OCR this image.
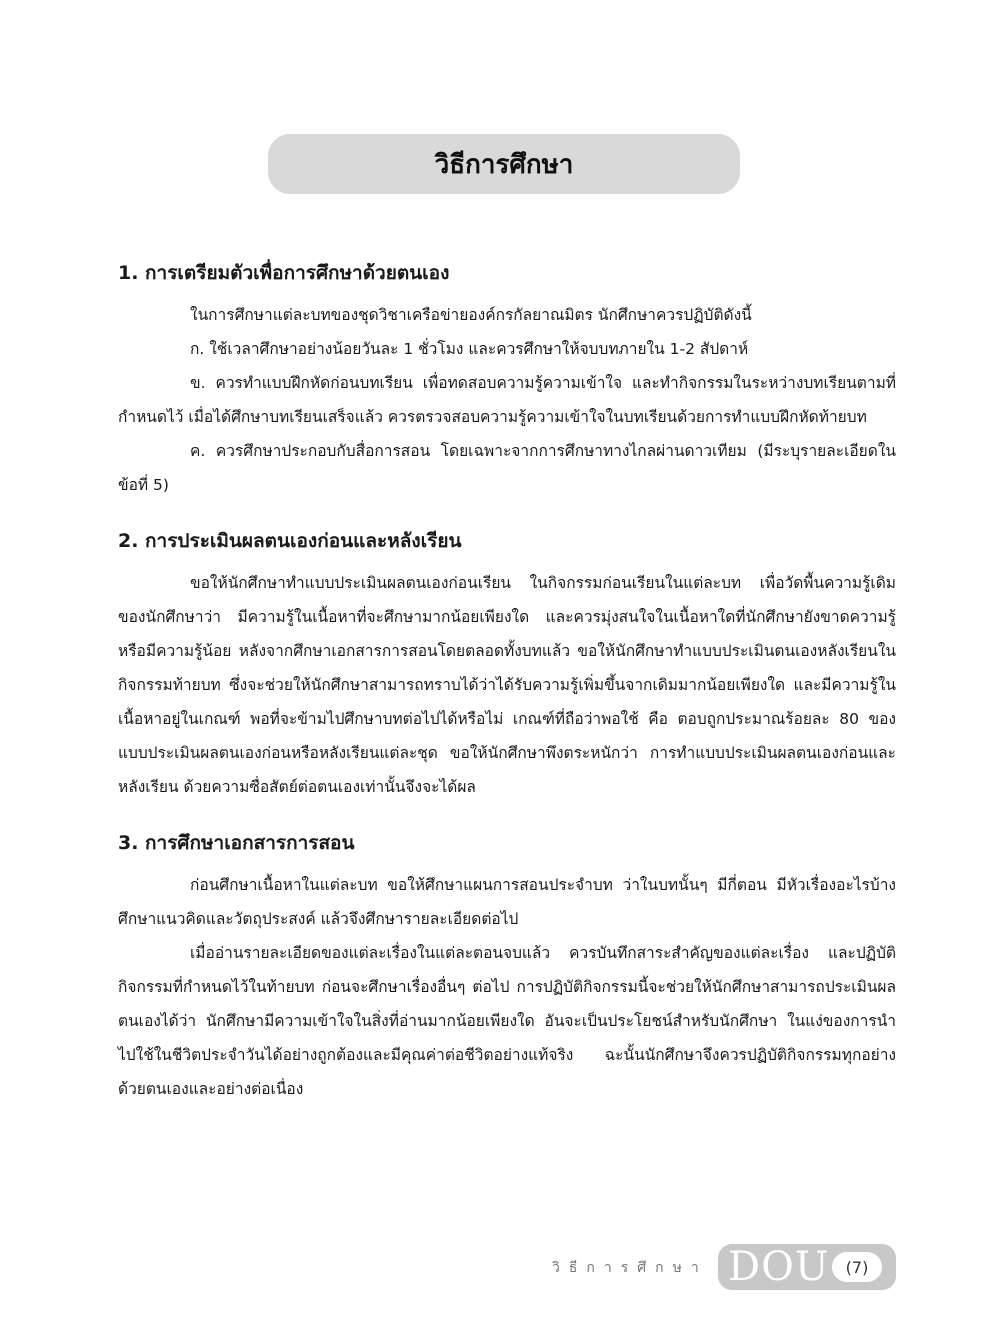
วิธีการศึกษา
1. การเตรียมตัวเพื่อการศึกษาด้วยตนเอง

ในการศึกษาแต่ละบทของชุดวิชาเครือข่ายองค์กรกัลยาณมิตร นักศึกษาควรปฏิบัติดังนี้

ก. ใช้เวลาศึกษาอย่างน้อยวันละ 1 ชั่วโมง และควรศึกษาให้จบบทภายใน 1-2 สัปดาห์

ข. ควรทำแบบฝึกหัดก่อนบทเรียน เพื่อทดสอบความรู้ความเข้าใจ และทำกิจกรรมในระหว่างบทเรียนตามที่กำหนดไว้ เมื่อได้ศึกษาบทเรียนเสร็จแล้ว ควรตรวจสอบความรู้ความเข้าใจในบทเรียนด้วยการทำแบบฝึกหัดท้ายบท

ค. ควรศึกษาประกอบกับสื่อการสอน โดยเฉพาะจากการศึกษาทางไกลผ่านดาวเทียม (มีระบุรายละเอียดในข้อที่ 5)

2. การประเมินผลตนเองก่อนและหลังเรียน

ขอให้นักศึกษาทำแบบประเมินผลตนเองก่อนเรียน ในกิจกรรมก่อนเรียนในแต่ละบท เพื่อวัดพื้นความรู้เดิมของนักศึกษาว่า มีความรู้ในเนื้อหาที่จะศึกษามากน้อยเพียงใด และควรมุ่งสนใจในเนื้อหาใดที่นักศึกษายังขาดความรู้หรือมีความรู้น้อย หลังจากศึกษาเอกสารการสอนโดยตลอดทั้งบทแล้ว ขอให้นักศึกษาทำแบบประเมินตนเองหลังเรียนในกิจกรรมท้ายบท ซึ่งจะช่วยให้นักศึกษาสามารถทราบได้ว่าได้รับความรู้เพิ่มขึ้นจากเดิมมากน้อยเพียงใด และมีความรู้ในเนื้อหาอยู่ในเกณฑ์ พอที่จะข้ามไปศึกษาบทต่อไปได้หรือไม่ เกณฑ์ที่ถือว่าพอใช้ คือ ตอบถูกประมาณร้อยละ 80 ของแบบประเมินผลตนเองก่อนหรือหลังเรียนแต่ละชุด ขอให้นักศึกษาพึงตระหนักว่า การทำแบบประเมินผลตนเองก่อนและหลังเรียน ด้วยความซื่อสัตย์ต่อตนเองเท่านั้นจึงจะได้ผล

3. การศึกษาเอกสารการสอน

ก่อนศึกษาเนื้อหาในแต่ละบท ขอให้ศึกษาแผนการสอนประจำบท ว่าในบทนั้นๆ มีกี่ตอน มีหัวเรื่องอะไรบ้าง ศึกษาแนวคิดและวัตถุประสงค์ แล้วจึงศึกษารายละเอียดต่อไป

เมื่ออ่านรายละเอียดของแต่ละเรื่องในแต่ละตอนจบแล้ว ควรบันทึกสาระสำคัญของแต่ละเรื่อง และปฏิบัติกิจกรรมที่กำหนดไว้ในท้ายบท ก่อนจะศึกษาเรื่องอื่นๆ ต่อไป การปฏิบัติกิจกรรมนี้จะช่วยให้นักศึกษาสามารถประเมินผลตนเองได้ว่า นักศึกษามีความเข้าใจในสิ่งที่อ่านมากน้อยเพียงใด อันจะเป็นประโยชน์สำหรับนักศึกษา ในแง่ของการนำไปใช้ในชีวิตประจำวันได้อย่างถูกต้องและมีคุณค่าต่อชีวิตอย่างแท้จริง ฉะนั้นนักศึกษาจึงควรปฏิบัติกิจกรรมทุกอย่างด้วยตนเองและอย่างต่อเนื่อง

วิธีการศึกษา DOU (7)
